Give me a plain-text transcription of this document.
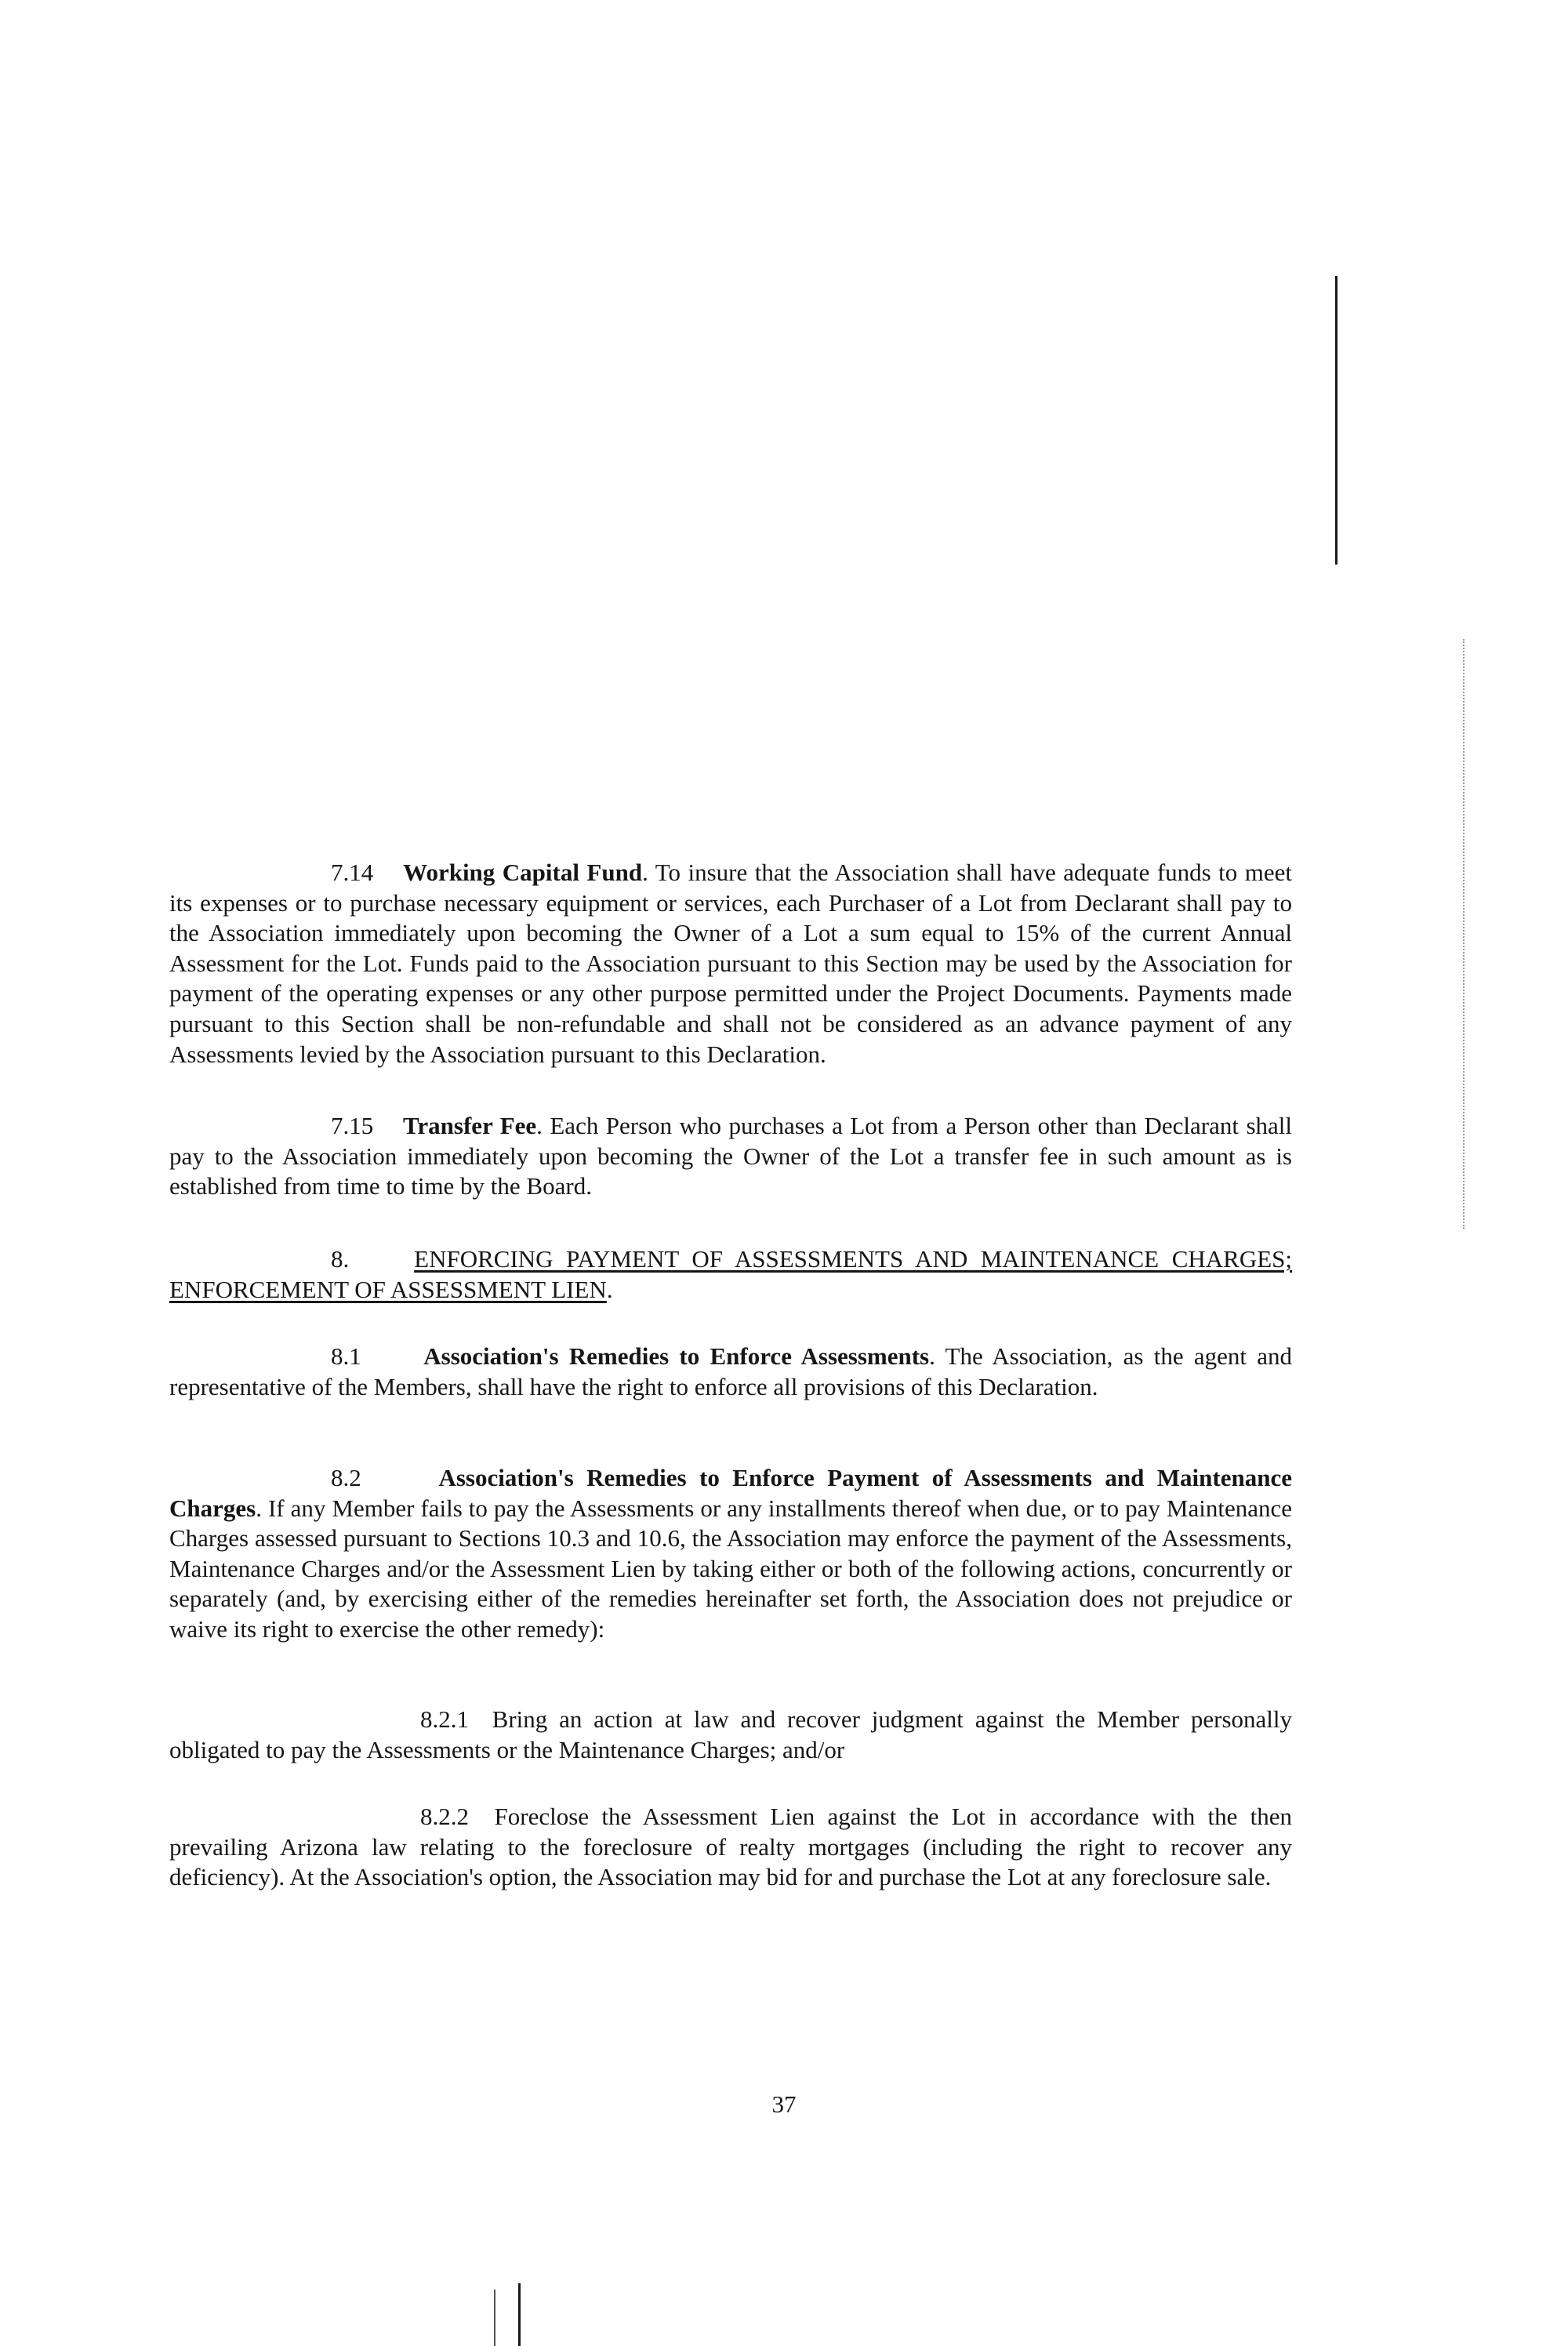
7.14 Working Capital Fund. To insure that the Association shall have adequate funds to meet its expenses or to purchase necessary equipment or services, each Purchaser of a Lot from Declarant shall pay to the Association immediately upon becoming the Owner of a Lot a sum equal to 15% of the current Annual Assessment for the Lot. Funds paid to the Association pursuant to this Section may be used by the Association for payment of the operating expenses or any other purpose permitted under the Project Documents. Payments made pursuant to this Section shall be non-refundable and shall not be considered as an advance payment of any Assessments levied by the Association pursuant to this Declaration.

7.15 Transfer Fee. Each Person who purchases a Lot from a Person other than Declarant shall pay to the Association immediately upon becoming the Owner of the Lot a transfer fee in such amount as is established from time to time by the Board.

8.	ENFORCING PAYMENT OF ASSESSMENTS AND MAINTENANCE CHARGES; ENFORCEMENT OF ASSESSMENT LIEN.

8.1	Association's Remedies to Enforce Assessments. The Association, as the agent and representative of the Members, shall have the right to enforce all provisions of this Declaration.

8.2	Association's Remedies to Enforce Payment of Assessments and Maintenance Charges. If any Member fails to pay the Assessments or any installments thereof when due, or to pay Maintenance Charges assessed pursuant to Sections 10.3 and 10.6, the Association may enforce the payment of the Assessments, Maintenance Charges and/or the Assessment Lien by taking either or both of the following actions, concurrently or separately (and, by exercising either of the remedies hereinafter set forth, the Association does not prejudice or waive its right to exercise the other remedy):

8.2.1 Bring an action at law and recover judgment against the Member personally obligated to pay the Assessments or the Maintenance Charges; and/or

8.2.2 Foreclose the Assessment Lien against the Lot in accordance with the then prevailing Arizona law relating to the foreclosure of realty mortgages (including the right to recover any deficiency). At the Association's option, the Association may bid for and purchase the Lot at any foreclosure sale.

37
